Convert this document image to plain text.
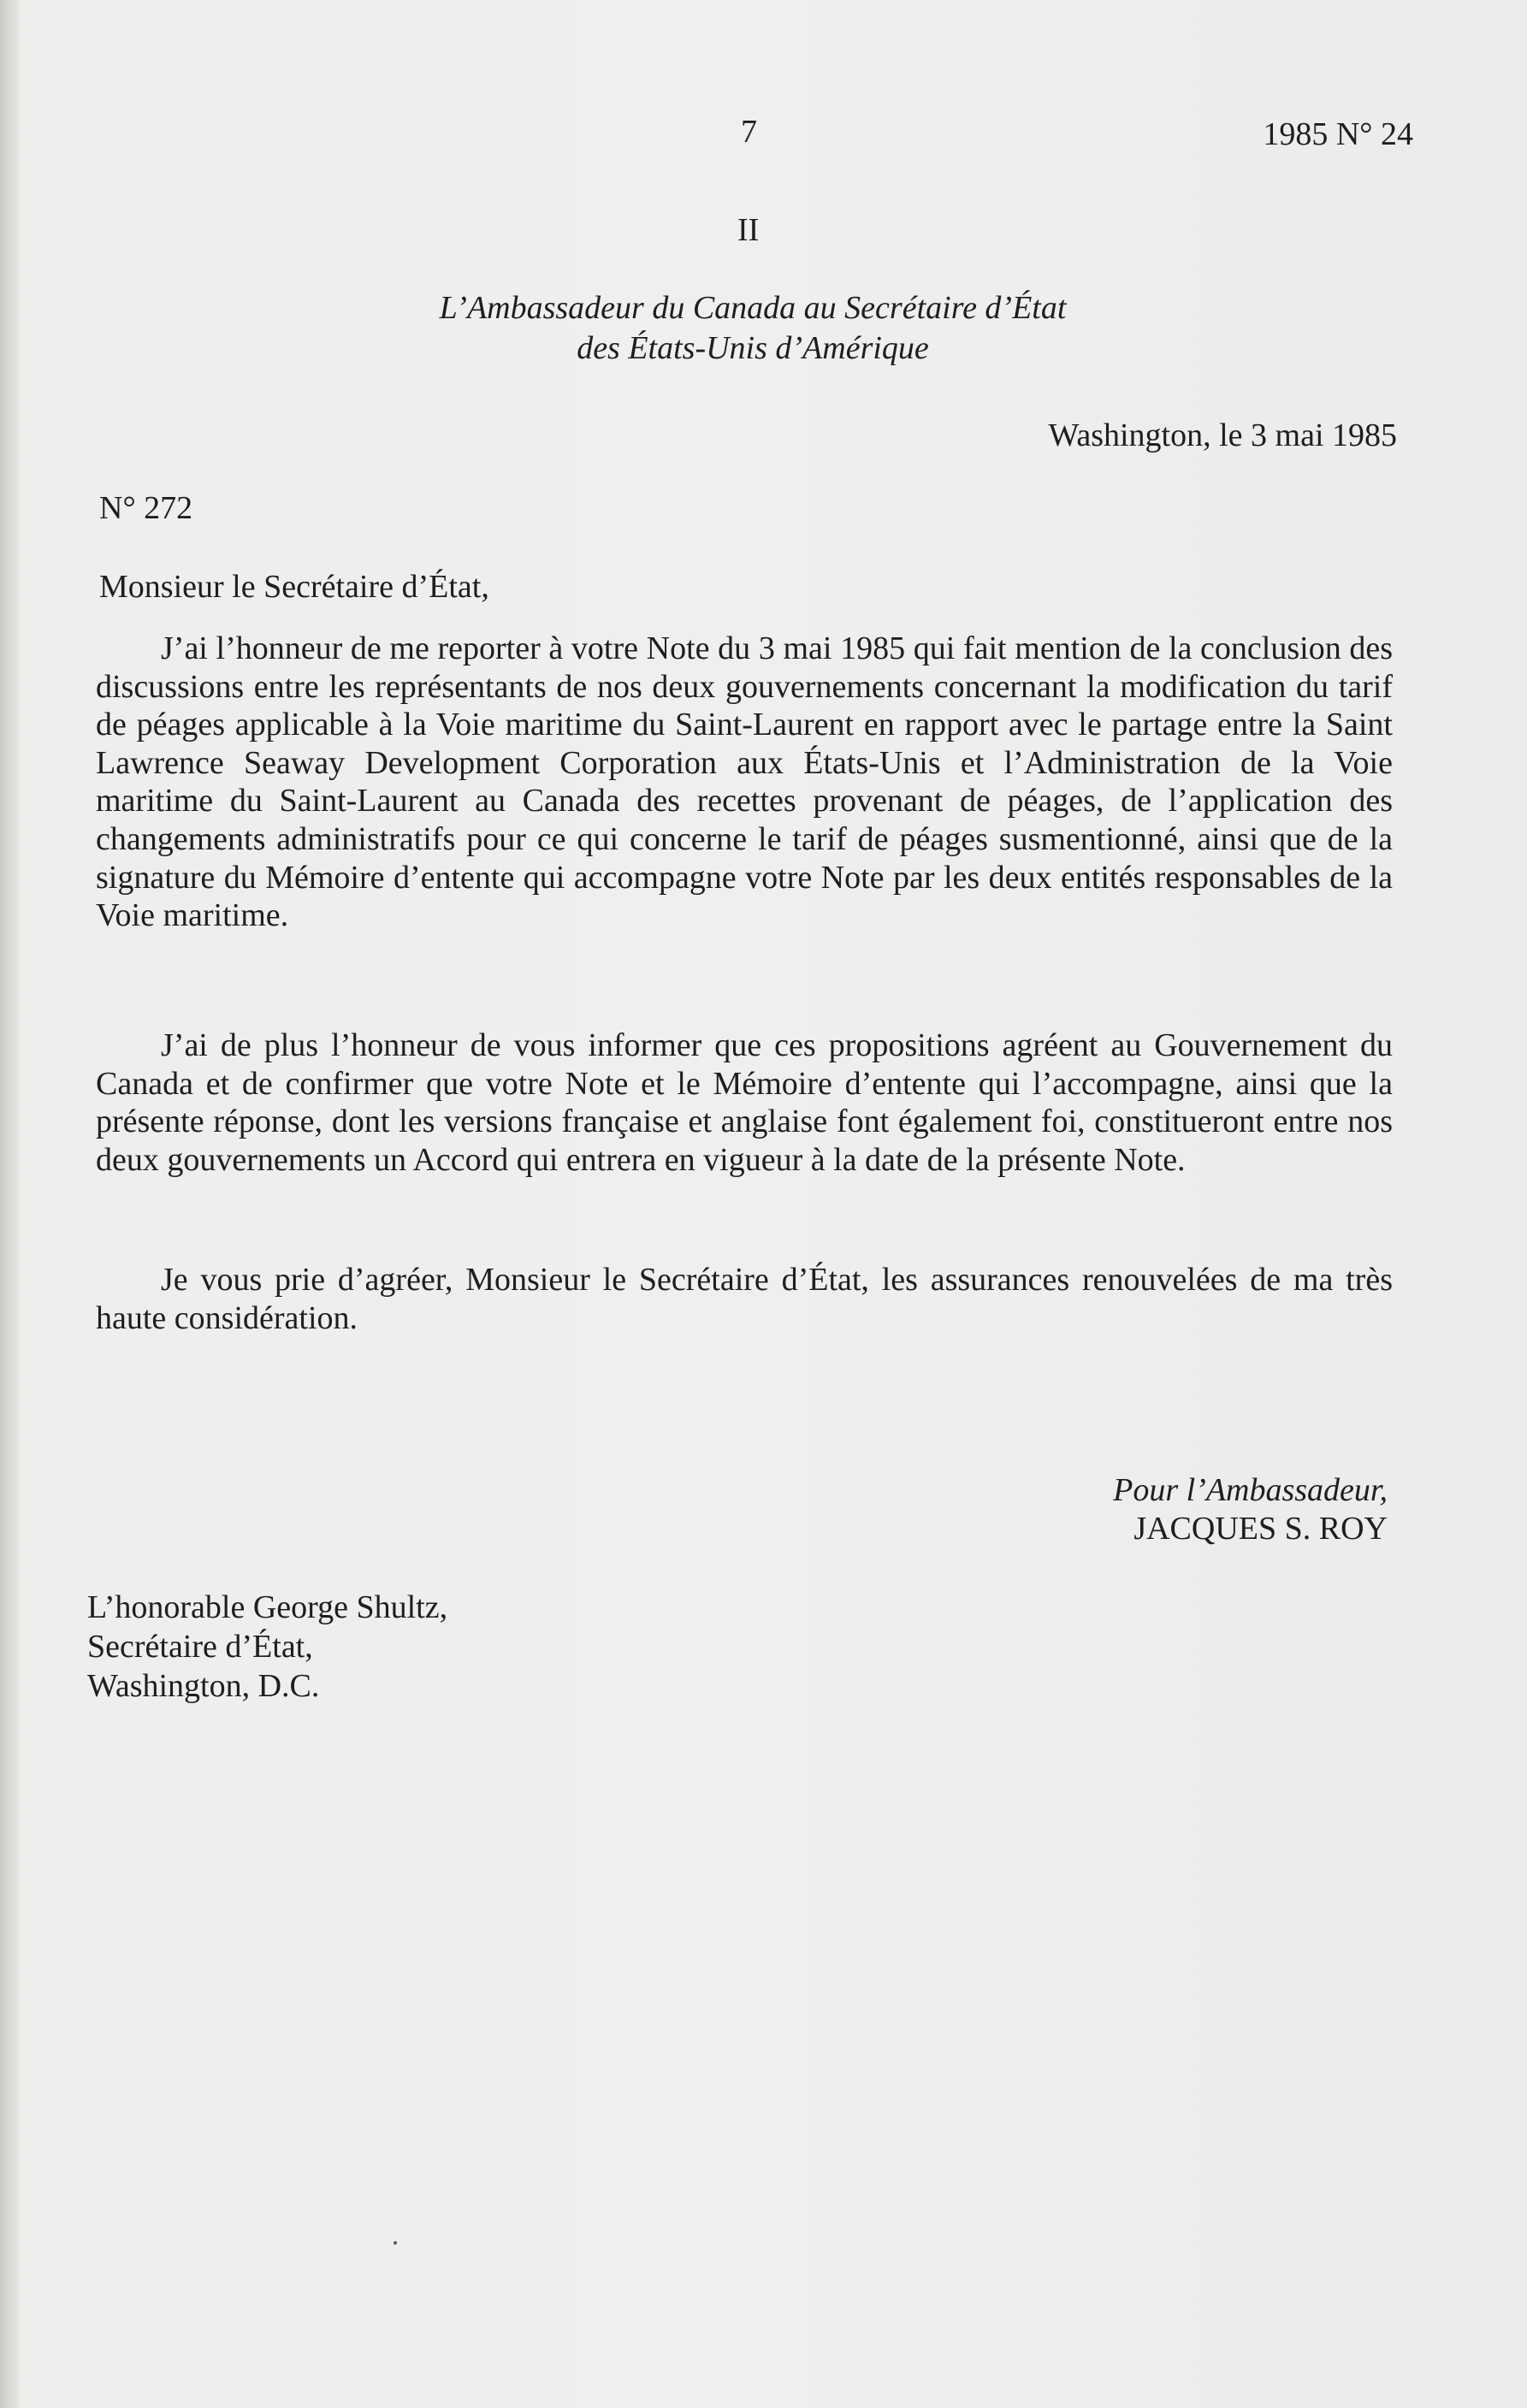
7	1985 N° 24
II
L’Ambassadeur du Canada au Secrétaire d’État
des États-Unis d’Amérique
Washington, le 3 mai 1985
N° 272
Monsieur le Secrétaire d’État,

J’ai l’honneur de me reporter à votre Note du 3 mai 1985 qui fait mention de la conclusion des discussions entre les représentants de nos deux gouvernements concernant la modification du tarif de péages applicable à la Voie maritime du Saint-Laurent en rapport avec le partage entre la Saint Lawrence Seaway Development Corporation aux États-Unis et l’Administration de la Voie maritime du Saint-Laurent au Canada des recettes provenant de péages, de l’application des changements administratifs pour ce qui concerne le tarif de péages susmentionné, ainsi que de la signature du Mémoire d’entente qui accompagne votre Note par les deux entités responsables de la Voie maritime.

J’ai de plus l’honneur de vous informer que ces propositions agréent au Gouvernement du Canada et de confirmer que votre Note et le Mémoire d’entente qui l’accompagne, ainsi que la présente réponse, dont les versions française et anglaise font également foi, constitueront entre nos deux gouvernements un Accord qui entrera en vigueur à la date de la présente Note.

Je vous prie d’agréer, Monsieur le Secrétaire d’État, les assurances renouvelées de ma très haute considération.

Pour l’Ambassadeur,
JACQUES S. ROY
L’honorable George Shultz,
Secrétaire d’État,
Washington, D.C.
